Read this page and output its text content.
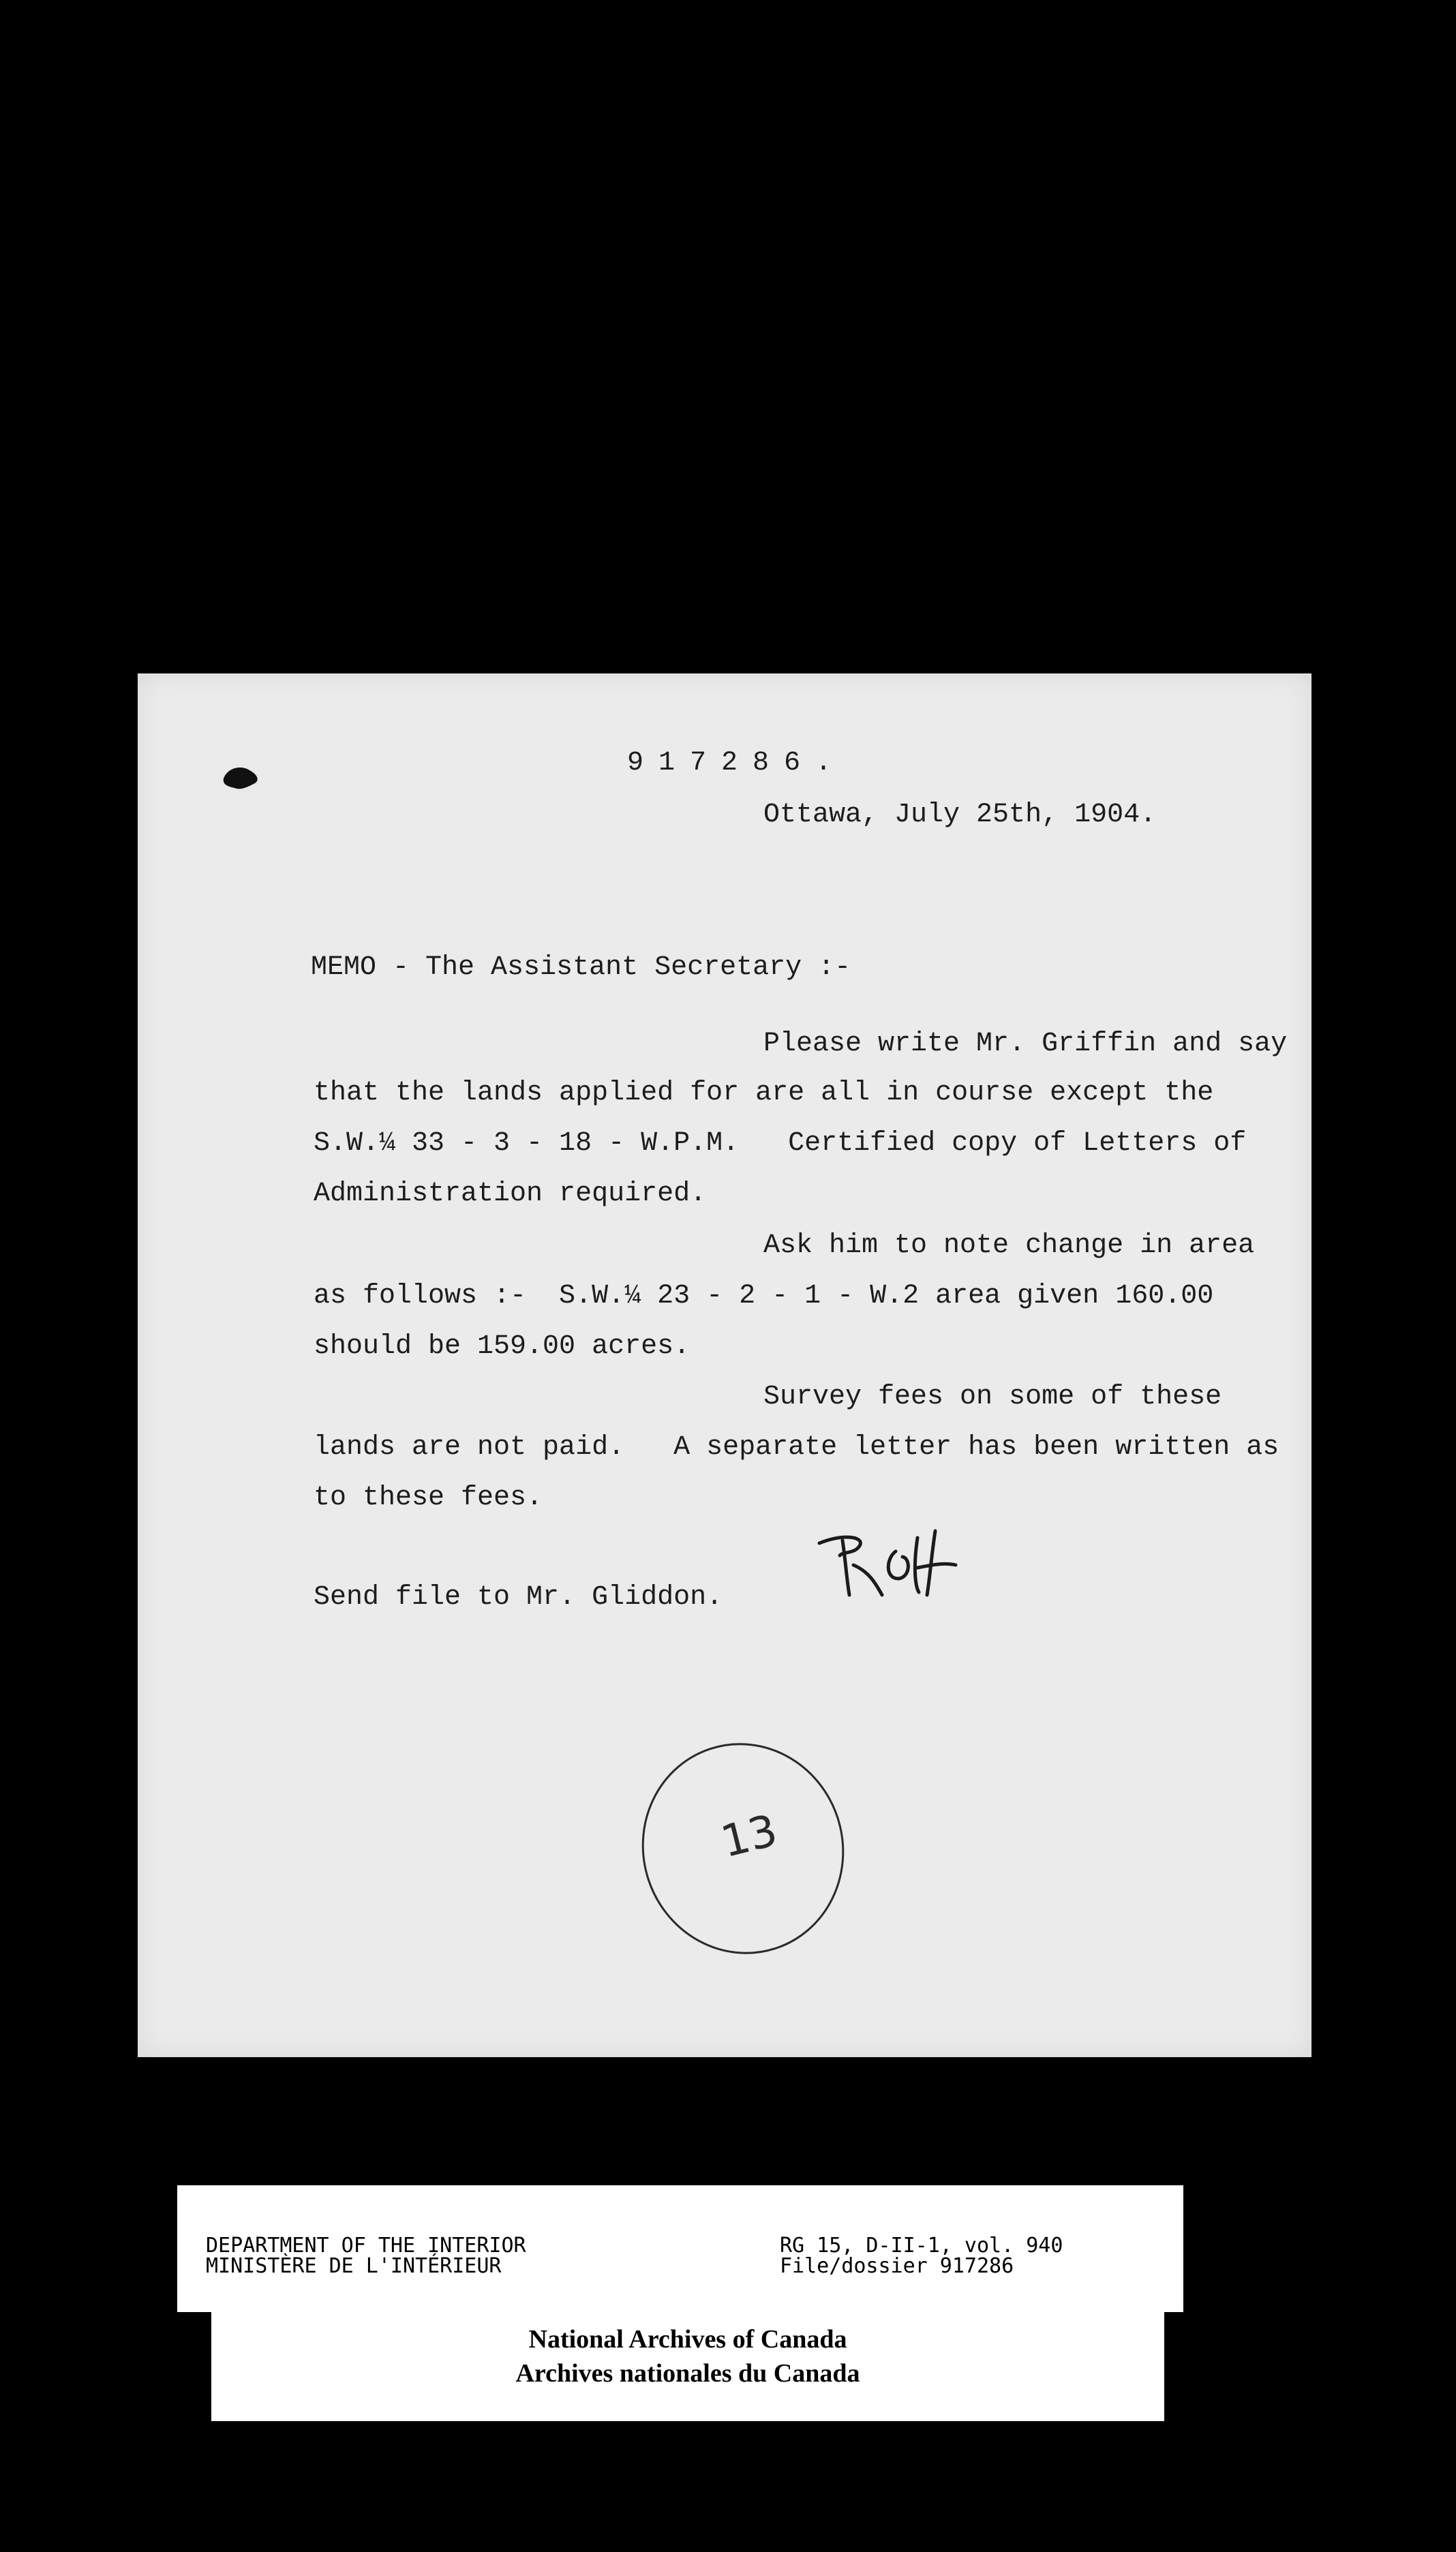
917286.
Ottawa, July 25th, 1904.
MEMO - The Assistant Secretary :-
Please write Mr. Griffin and say
that the lands applied for are all in course except the
S.W.¼ 33 - 3 - 18 - W.P.M.   Certified copy of Letters of
Administration required.
Ask him to note change in area
as follows :-  S.W.¼ 23 - 2 - 1 - W.2 area given 160.00
should be 159.00 acres.
Survey fees on some of these
lands are not paid.   A separate letter has been written as
to these fees.
Send file to Mr. Gliddon.
13
DEPARTMENT OF THE INTERIOR
MINISTÈRE DE L'INTÉRIEUR
RG 15, D-II-1, vol. 940
File/dossier 917286
National Archives of Canada
Archives nationales du Canada
